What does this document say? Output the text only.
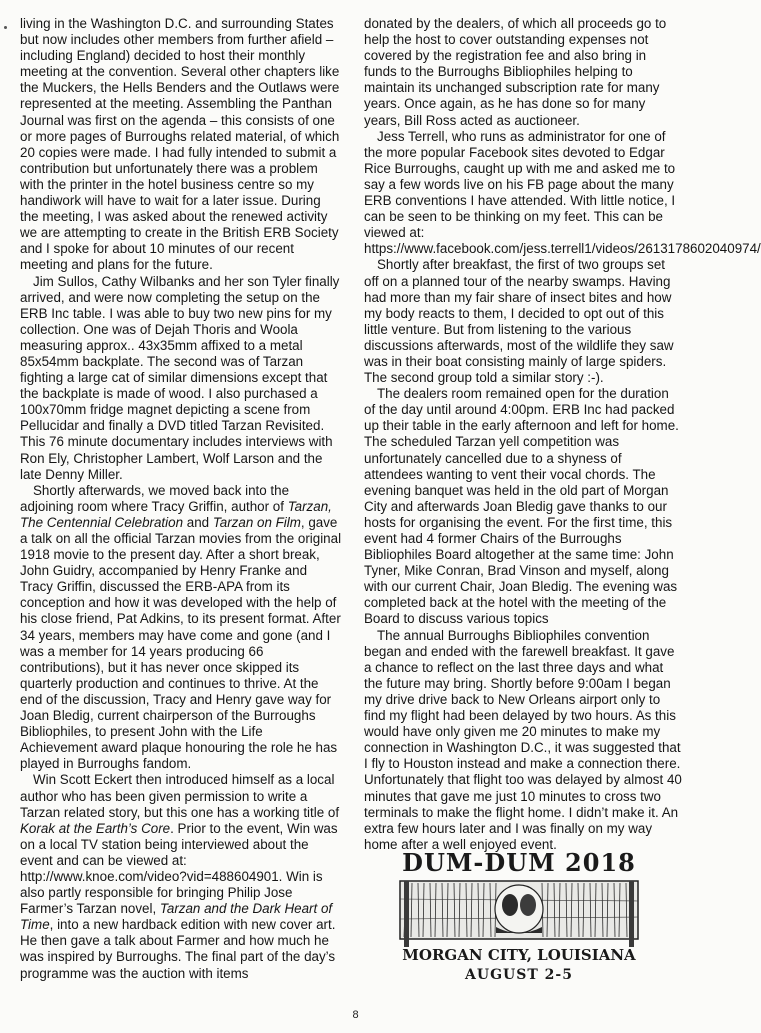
living in the Washington D.C. and surrounding States but now includes other members from further afield – including England) decided to host their monthly meeting at the convention. Several other chapters like the Muckers, the Hells Benders and the Outlaws were represented at the meeting. Assembling the Panthan Journal was first on the agenda – this consists of one or more pages of Burroughs related material, of which 20 copies were made. I had fully intended to submit a contribution but unfortunately there was a problem with the printer in the hotel business centre so my handiwork will have to wait for a later issue. During the meeting, I was asked about the renewed activity we are attempting to create in the British ERB Society and I spoke for about 10 minutes of our recent meeting and plans for the future.

Jim Sullos, Cathy Wilbanks and her son Tyler finally arrived, and were now completing the setup on the ERB Inc table. I was able to buy two new pins for my collection. One was of Dejah Thoris and Woola measuring approx.. 43x35mm affixed to a metal 85x54mm backplate. The second was of Tarzan fighting a large cat of similar dimensions except that the backplate is made of wood. I also purchased a 100x70mm fridge magnet depicting a scene from Pellucidar and finally a DVD titled Tarzan Revisited. This 76 minute documentary includes interviews with Ron Ely, Christopher Lambert, Wolf Larson and the late Denny Miller.

Shortly afterwards, we moved back into the adjoining room where Tracy Griffin, author of Tarzan, The Centennial Celebration and Tarzan on Film, gave a talk on all the official Tarzan movies from the original 1918 movie to the present day. After a short break, John Guidry, accompanied by Henry Franke and Tracy Griffin, discussed the ERB-APA from its conception and how it was developed with the help of his close friend, Pat Adkins, to its present format. After 34 years, members may have come and gone (and I was a member for 14 years producing 66 contributions), but it has never once skipped its quarterly production and continues to thrive. At the end of the discussion, Tracy and Henry gave way for Joan Bledig, current chairperson of the Burroughs Bibliophiles, to present John with the Life Achievement award plaque honouring the role he has played in Burroughs fandom.

Win Scott Eckert then introduced himself as a local author who has been given permission to write a Tarzan related story, but this one has a working title of Korak at the Earth’s Core. Prior to the event, Win was on a local TV station being interviewed about the event and can be viewed at: http://www.knoe.com/video?vid=488604901. Win is also partly responsible for bringing Philip Jose Farmer’s Tarzan novel, Tarzan and the Dark Heart of Time, into a new hardback edition with new cover art. He then gave a talk about Farmer and how much he was inspired by Burroughs. The final part of the day’s programme was the auction with items

donated by the dealers, of which all proceeds go to help the host to cover outstanding expenses not covered by the registration fee and also bring in funds to the Burroughs Bibliophiles helping to maintain its unchanged subscription rate for many years. Once again, as he has done so for many years, Bill Ross acted as auctioneer.

Jess Terrell, who runs as administrator for one of the more popular Facebook sites devoted to Edgar Rice Burroughs, caught up with me and asked me to say a few words live on his FB page about the many ERB conventions I have attended. With little notice, I can be seen to be thinking on my feet. This can be viewed at: https://www.facebook.com/jess.terrell1/videos/2613178602040974/

Shortly after breakfast, the first of two groups set off on a planned tour of the nearby swamps. Having had more than my fair share of insect bites and how my body reacts to them, I decided to opt out of this little venture. But from listening to the various discussions afterwards, most of the wildlife they saw was in their boat consisting mainly of large spiders. The second group told a similar story :-).

The dealers room remained open for the duration of the day until around 4:00pm. ERB Inc had packed up their table in the early afternoon and left for home. The scheduled Tarzan yell competition was unfortunately cancelled due to a shyness of attendees wanting to vent their vocal chords. The evening banquet was held in the old part of Morgan City and afterwards Joan Bledig gave thanks to our hosts for organising the event. For the first time, this event had 4 former Chairs of the Burroughs Bibliophiles Board altogether at the same time: John Tyner, Mike Conran, Brad Vinson and myself, along with our current Chair, Joan Bledig. The evening was completed back at the hotel with the meeting of the Board to discuss various topics

The annual Burroughs Bibliophiles convention began and ended with the farewell breakfast. It gave a chance to reflect on the last three days and what the future may bring. Shortly before 9:00am I began my drive drive back to New Orleans airport only to find my flight had been delayed by two hours. As this would have only given me 20 minutes to make my connection in Washington D.C., it was suggested that I fly to Houston instead and make a connection there. Unfortunately that flight too was delayed by almost 40 minutes that gave me just 10 minutes to cross two terminals to make the flight home. I didn’t make it. An extra few hours later and I was finally on my way home after a well enjoyed event.

DUM-DUM 2018
MORGAN CITY, LOUISIANA
AUGUST 2-5
8
